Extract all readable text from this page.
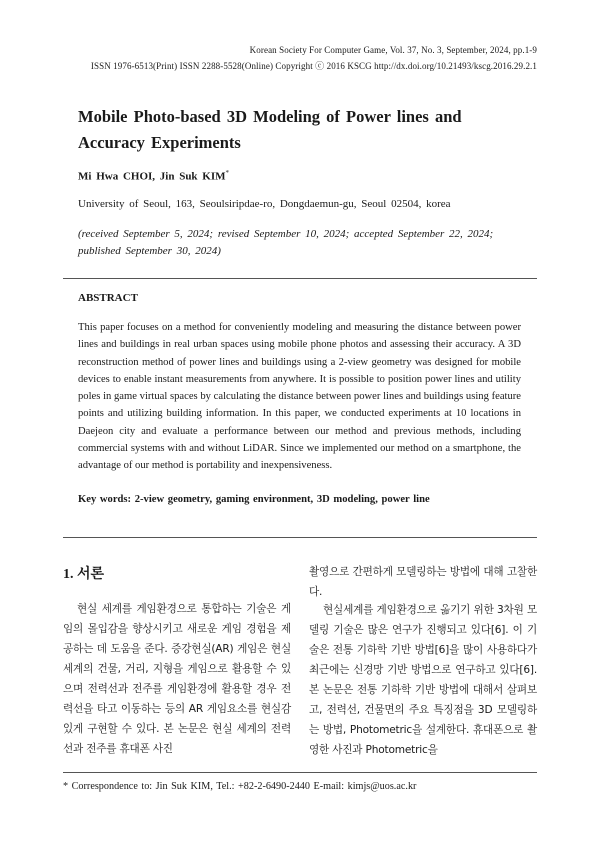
Korean Society For Computer Game, Vol. 37, No. 3, September, 2024, pp.1-9
ISSN 1976-6513(Print) ISSN 2288-5528(Online) Copyright ⓒ 2016 KSCG http://dx.doi.org/10.21493/kscg.2016.29.2.1
Mobile Photo-based 3D Modeling of Power lines and Accuracy Experiments
Mi Hwa CHOI, Jin Suk KIM*
University of Seoul, 163, Seoulsiripdae-ro, Dongdaemun-gu, Seoul 02504, korea
(received September 5, 2024; revised September 10, 2024; accepted September 22, 2024; published September 30, 2024)
ABSTRACT
This paper focuses on a method for conveniently modeling and measuring the distance between power lines and buildings in real urban spaces using mobile phone photos and assessing their accuracy. A 3D reconstruction method of power lines and buildings using a 2-view geometry was designed for mobile devices to enable instant measurements from anywhere. It is possible to position power lines and utility poles in game virtual spaces by calculating the distance between power lines and buildings using feature points and utilizing building information. In this paper, we conducted experiments at 10 locations in Daejeon city and evaluate a performance between our method and previous methods, including commercial systems with and without LiDAR. Since we implemented our method on a smartphone, the advantage of our method is portability and inexpensiveness.
Key words: 2-view geometry, gaming environment, 3D modeling, power line
1. 서론
현실 세계를 게임환경으로 통합하는 기술은 게임의 몰입감을 향상시키고 새로운 게임 경험을 제공하는 데 도움을 준다. 증강현실(AR) 게임은 현실 세계의 건물, 거리, 지형을 게임으로 활용할 수 있으며 전력선과 전주를 게임환경에 활용할 경우 전력선을 타고 이동하는 등의 AR 게임요소를 현실감있게 구현할 수 있다. 본 논문은 현실 세계의 전력선과 전주를 휴대폰 사진
촬영으로 간편하게 모델링하는 방법에 대해 고찰한다.
현실세계를 게임환경으로 옮기기 위한 3차원 모델링 기술은 많은 연구가 진행되고 있다[6]. 이 기술은 전통 기하학 기반 방법[6]을 많이 사용하다가 최근에는 신경망 기반 방법으로 연구하고 있다[6]. 본 논문은 전통 기하학 기반 방법에 대해서 살펴보고, 전력선, 건물면의 주요 특징점을 3D 모델링하는 방법, Photometric을 설계한다. 휴대폰으로 촬영한 사진과 Photometric을
* Correspondence to: Jin Suk KIM, Tel.: +82-2-6490-2440 E-mail: kimjs@uos.ac.kr
